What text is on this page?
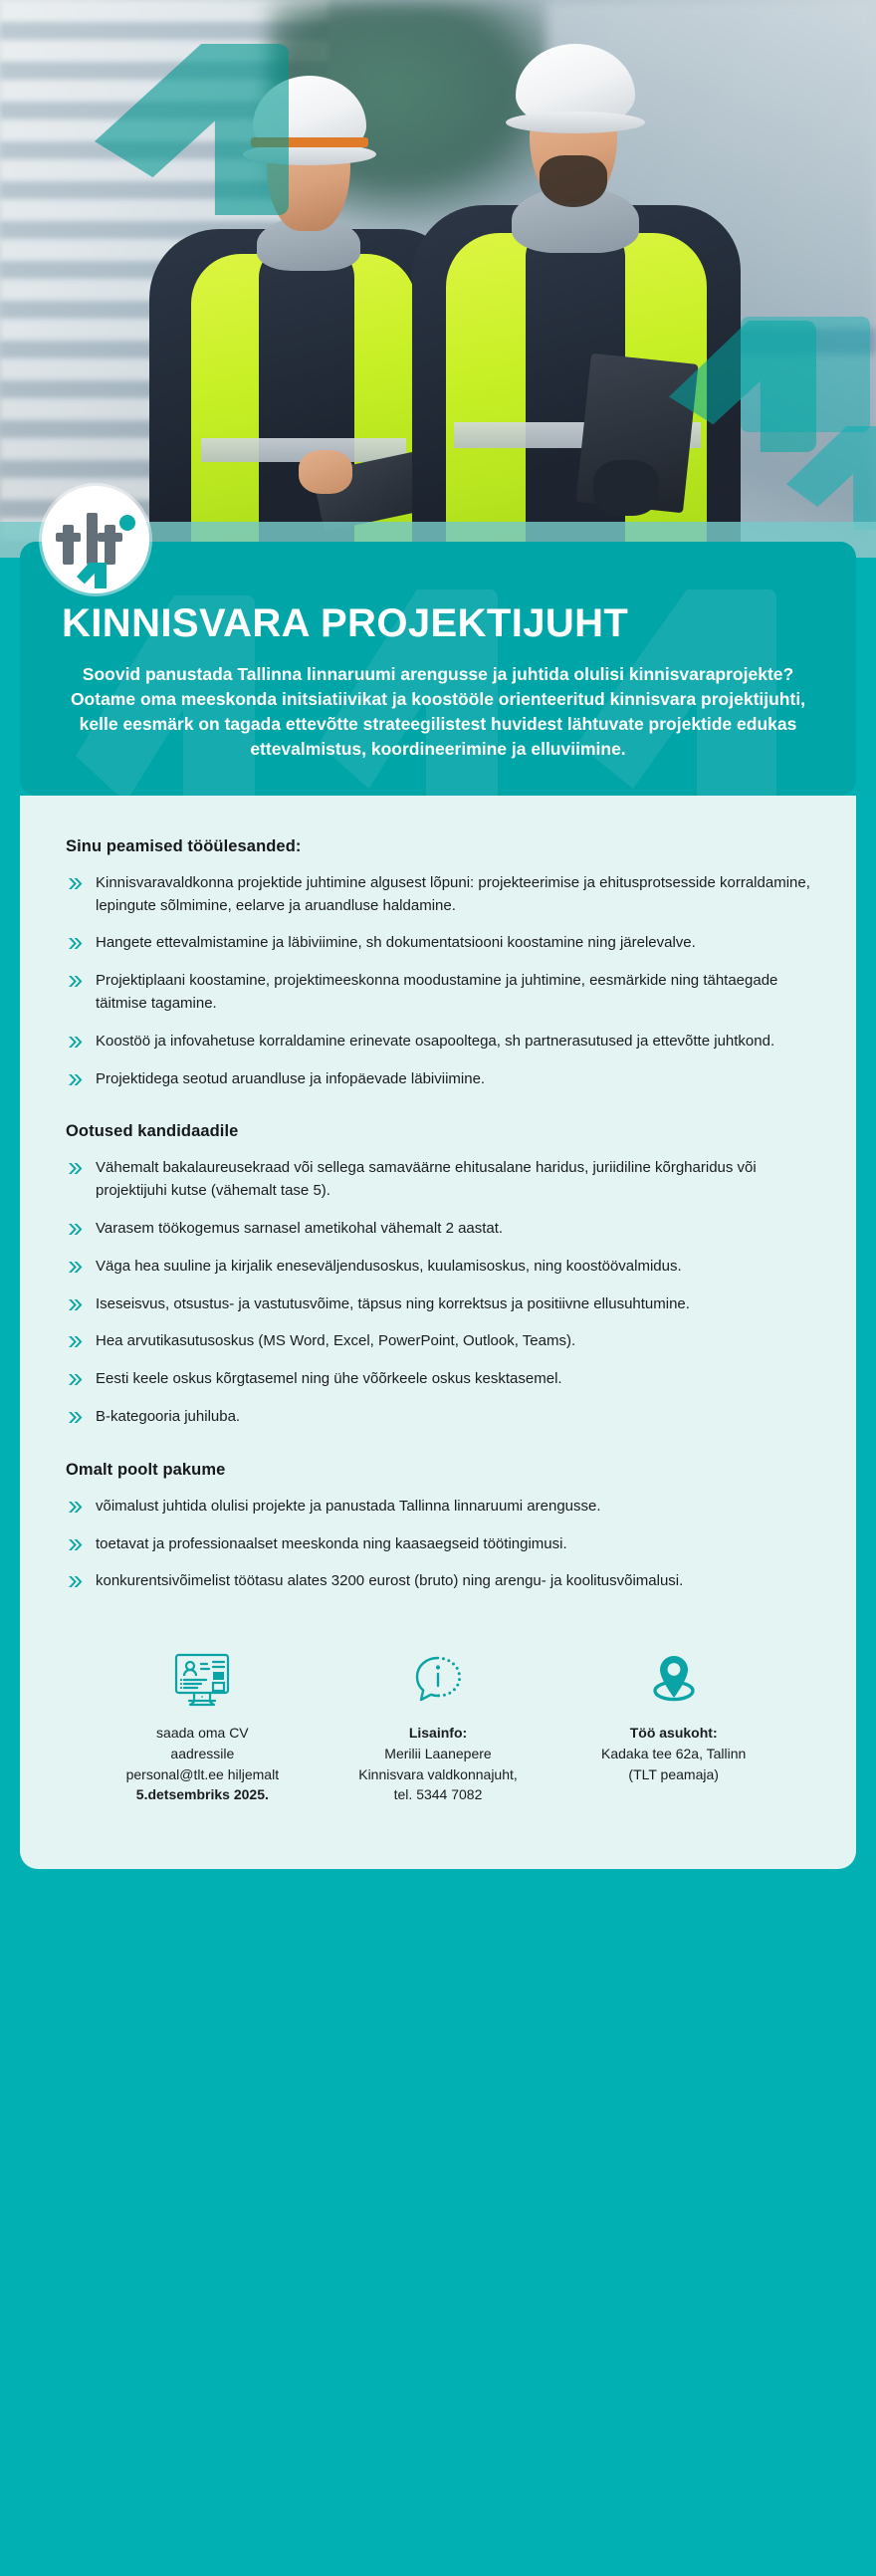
KINNISVARA PROJEKTIJUHT

Soovid panustada Tallinna linnaruumi arengusse ja juhtida olulisi kinnisvaraprojekte? Ootame oma meeskonda initsiatiivikat ja koostööle orienteeritud kinnisvara projektijuhti, kelle eesmärk on tagada ettevõtte strateegilistest huvidest lähtuvate projektide edukas ettevalmistus, koordineerimine ja elluviimine.

Sinu peamised tööülesanded:
Kinnisvaravaldkonna projektide juhtimine algusest lõpuni: projekteerimise ja ehitusprotsesside korraldamine, lepingute sõlmimine, eelarve ja aruandluse haldamine.
Hangete ettevalmistamine ja läbiviimine, sh dokumentatsiooni koostamine ning järelevalve.
Projektiplaani koostamine, projektimeeskonna moodustamine ja juhtimine, eesmärkide ning tähtaegade täitmise tagamine.
Koostöö ja infovahetuse korraldamine erinevate osapooltega, sh partnerasutused ja ettevõtte juhtkond.
Projektidega seotud aruandluse ja infopäevade läbiviimine.
Ootused kandidaadile
Vähemalt bakalaureusekraad või sellega samaväärne ehitusalane haridus, juriidiline kõrgharidus või projektijuhi kutse (vähemalt tase 5).
Varasem töökogemus sarnasel ametikohal vähemalt 2 aastat.
Väga hea suuline ja kirjalik eneseväljendusoskus, kuulamisoskus, ning koostöövalmidus.
Iseseisvus, otsustus- ja vastutusvõime, täpsus ning korrektsus ja positiivne ellusuhtumine.
Hea arvutikasutusoskus (MS Word, Excel, PowerPoint, Outlook, Teams).
Eesti keele oskus kõrgtasemel ning ühe võõrkeele oskus kesktasemel.
B-kategooria juhiluba.
Omalt poolt pakume
võimalust juhtida olulisi projekte ja panustada Tallinna linnaruumi arengusse.
toetavat ja professionaalset meeskonda ning kaasaegseid töötingimusi.
konkurentsivõimelist töötasu alates 3200 eurost (bruto) ning arengu- ja koolitusvõimalusi.
saada oma CV
aadressile
personal@tlt.ee hiljemalt
5.detsembriks 2025.
Lisainfo:
Merilii Laanepere
Kinnisvara valdkonnajuht,
tel. 5344 7082
Töö asukoht:
Kadaka tee 62a, Tallinn
(TLT peamaja)
